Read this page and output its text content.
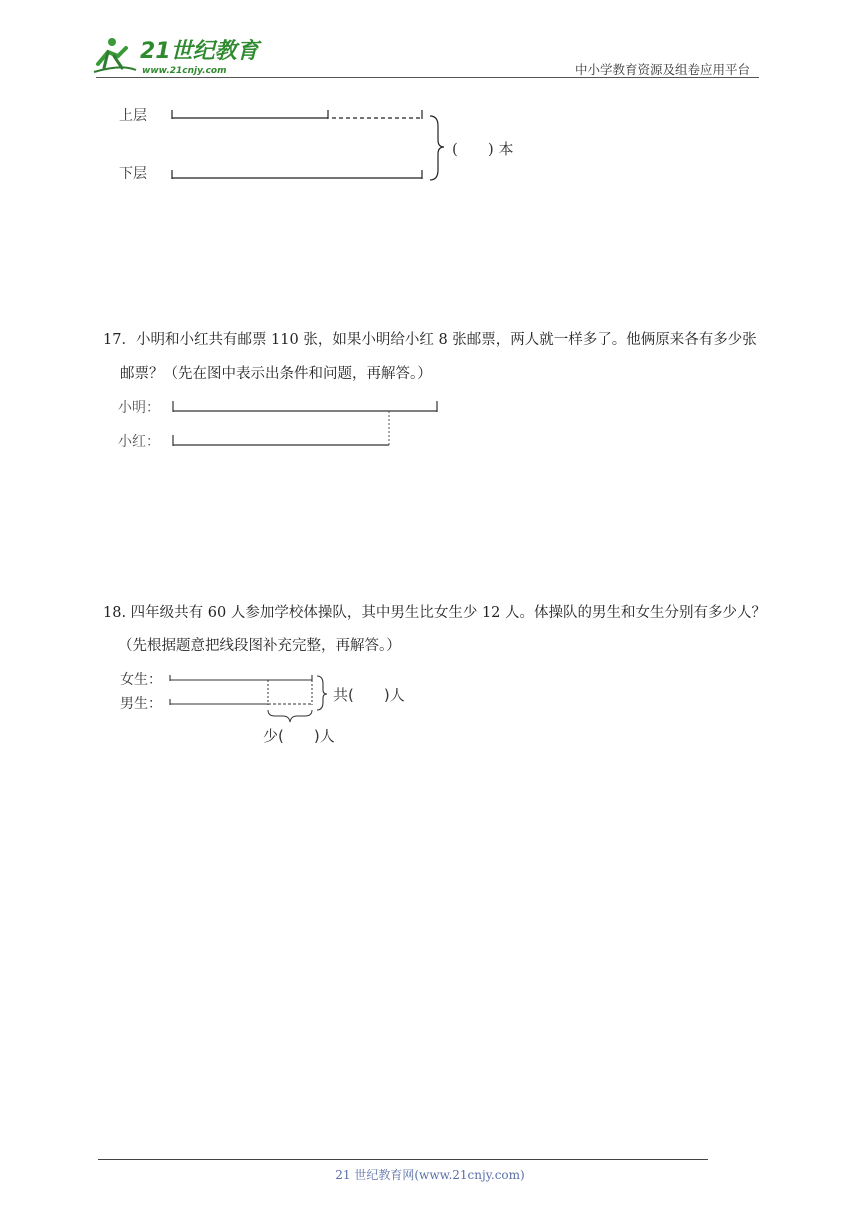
21世纪教育
www.21cnjy.com	中小学教育资源及组卷应用平台
上层
下层
(　　) 本
17．小明和小红共有邮票 110 张，如果小明给小红 8 张邮票，两人就一样多了。他俩原来各有多少张
邮票？（先在图中表示出条件和问题，再解答。）
小明：
小红：
18. 四年级共有 60 人参加学校体操队，其中男生比女生少 12 人。体操队的男生和女生分别有多少人？
（先根据题意把线段图补充完整，再解答。）
女生：
男生：	共(　　)人
少(　　)人
21 世纪教育网(www.21cnjy.com)
